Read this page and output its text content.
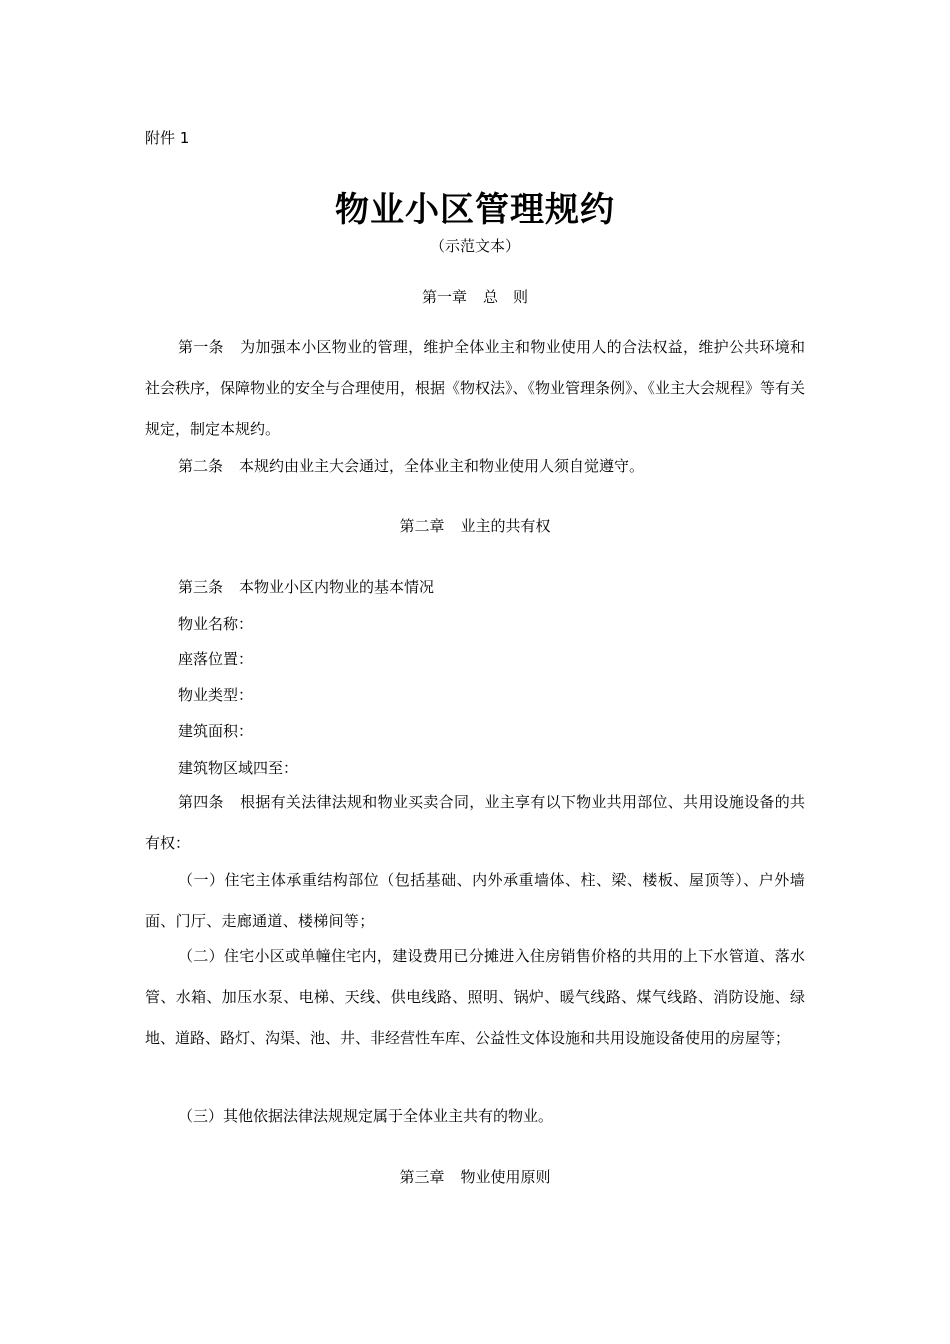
附件 1
物业小区管理规约
（示范文本）
第一章 总　则

第一条 为加强本小区物业的管理，维护全体业主和物业使用人的合法权益，维护公共环境和社会秩序，保障物业的安全与合理使用，根据《物权法》、《物业管理条例》、《业主大会规程》等有关规定，制定本规约。

第二条 本规约由业主大会通过，全体业主和物业使用人须自觉遵守。
第二章 业主的共有权
第三条 本物业小区内物业的基本情况
物业名称：
座落位置：
物业类型：
建筑面积：
建筑物区域四至：

第四条 根据有关法律法规和物业买卖合同，业主享有以下物业共用部位、共用设施设备的共有权：

（一）住宅主体承重结构部位（包括基础、内外承重墙体、柱、梁、楼板、屋顶等）、户外墙面、门厅、走廊通道、楼梯间等；

（二）住宅小区或单幢住宅内，建设费用已分摊进入住房销售价格的共用的上下水管道、落水管、水箱、加压水泵、电梯、天线、供电线路、照明、锅炉、暖气线路、煤气线路、消防设施、绿地、道路、路灯、沟渠、池、井、非经营性车库、公益性文体设施和共用设施设备使用的房屋等；

（三）其他依据法律法规规定属于全体业主共有的物业。

第三章 物业使用原则
